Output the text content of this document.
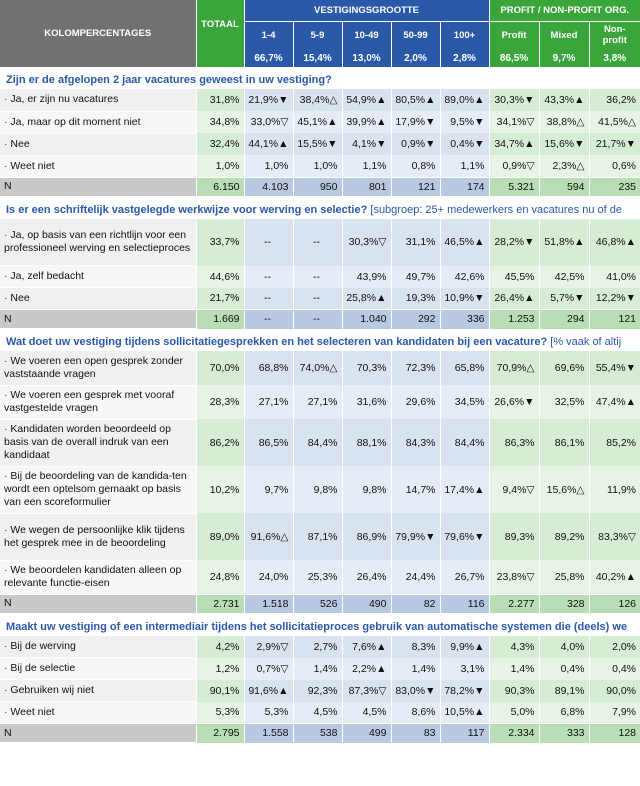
KOLOMPERCENTAGES	TOTAAL	VESTIGINGSGROOTTE					PROFIT / NON-PROFIT ORG.		
		1-4	5-9	10-49	50-99	100+	Profit	Mixed	Non-profit
		66,7%	15,4%	13,0%	2,0%	2,8%	86,5%	9,7%	3,8%
Zijn er de afgelopen 2 jaar vacatures geweest in uw vestiging?									
· Ja, er zijn nu vacatures	31,8%	21,9%▼	38,4%△	54,9%▲	80,5%▲	89,0%▲	30,3%▼	43,3%▲	36,2%
· Ja, maar op dit moment niet	34,8%	33,0%▽	45,1%▲	39,9%▲	17,9%▼	9,5%▼	34,1%▽	38,8%△	41,5%△
· Nee	32,4%	44,1%▲	15,5%▼	4,1%▼	0,9%▼	0,4%▼	34,7%▲	15,6%▼	21,7%▼
· Weet niet	1,0%	1,0%	1,0%	1,1%	0,8%	1,1%	0,9%▽	2,3%△	0,6%
N	6.150	4.103	950	801	121	174	5.321	594	235
Is er een schriftelijk vastgelegde werkwijze voor werving en selectie? [subgroep: 25+ medewerkers en vacatures nu of de									
· Ja, op basis van een richtlijn voor een professioneel werving en selectieproces	33,7%	--	--	30,3%▽	31,1%	46,5%▲	28,2%▼	51,8%▲	46,8%▲
· Ja, zelf bedacht	44,6%	--	--	43,9%	49,7%	42,6%	45,5%	42,5%	41,0%
· Nee	21,7%	--	--	25,8%▲	19,3%	10,9%▼	26,4%▲	5,7%▼	12,2%▼
N	1.669	--	--	1.040	292	336	1.253	294	121
Wat doet uw vestiging tijdens sollicitatiegesprekken en het selecteren van kandidaten bij een vacature? [% vaak of altij									
· We voeren een open gesprek zonder vaststaande vragen	70,0%	68,8%	74,0%△	70,3%	72,3%	65,8%	70,9%△	69,6%	55,4%▼
· We voeren een gesprek met vooraf vastgestelde vragen	28,3%	27,1%	27,1%	31,6%	29,6%	34,5%	26,6%▼	32,5%	47,4%▲
· Kandidaten worden beoordeeld op basis van de overall indruk van een kandidaat	86,2%	86,5%	84,4%	88,1%	84,3%	84,4%	86,3%	86,1%	85,2%
· Bij de beoordeling van de kandida-ten wordt een optelsom gemaakt op basis van een scoreformulier	10,2%	9,7%	9,8%	9,8%	14,7%	17,4%▲	9,4%▽	15,6%△	11,9%
· We wegen de persoonlijke klik tijdens het gesprek mee in de beoordeling	89,0%	91,6%△	87,1%	86,9%	79,9%▼	79,6%▼	89,3%	89,2%	83,3%▽
· We beoordelen kandidaten alleen op relevante functie-eisen	24,8%	24,0%	25,3%	26,4%	24,4%	26,7%	23,8%▽	25,8%	40,2%▲
N	2.731	1.518	526	490	82	116	2.277	328	126
Maakt uw vestiging of een intermediair tijdens het sollicitatieproces gebruik van automatische systemen die (deels) we									
· Bij de werving	4,2%	2,9%▽	2,7%	7,6%▲	8,3%	9,9%▲	4,3%	4,0%	2,0%
· Bij de selectie	1,2%	0,7%▽	1,4%	2,2%▲	1,4%	3,1%	1,4%	0,4%	0,4%
· Gebruiken wij niet	90,1%	91,6%▲	92,3%	87,3%▽	83,0%▼	78,2%▼	90,3%	89,1%	90,0%
· Weet niet	5,3%	5,3%	4,5%	4,5%	8,6%	10,5%▲	5,0%	6,8%	7,9%
N	2.795	1.558	538	499	83	117	2.334	333	128
